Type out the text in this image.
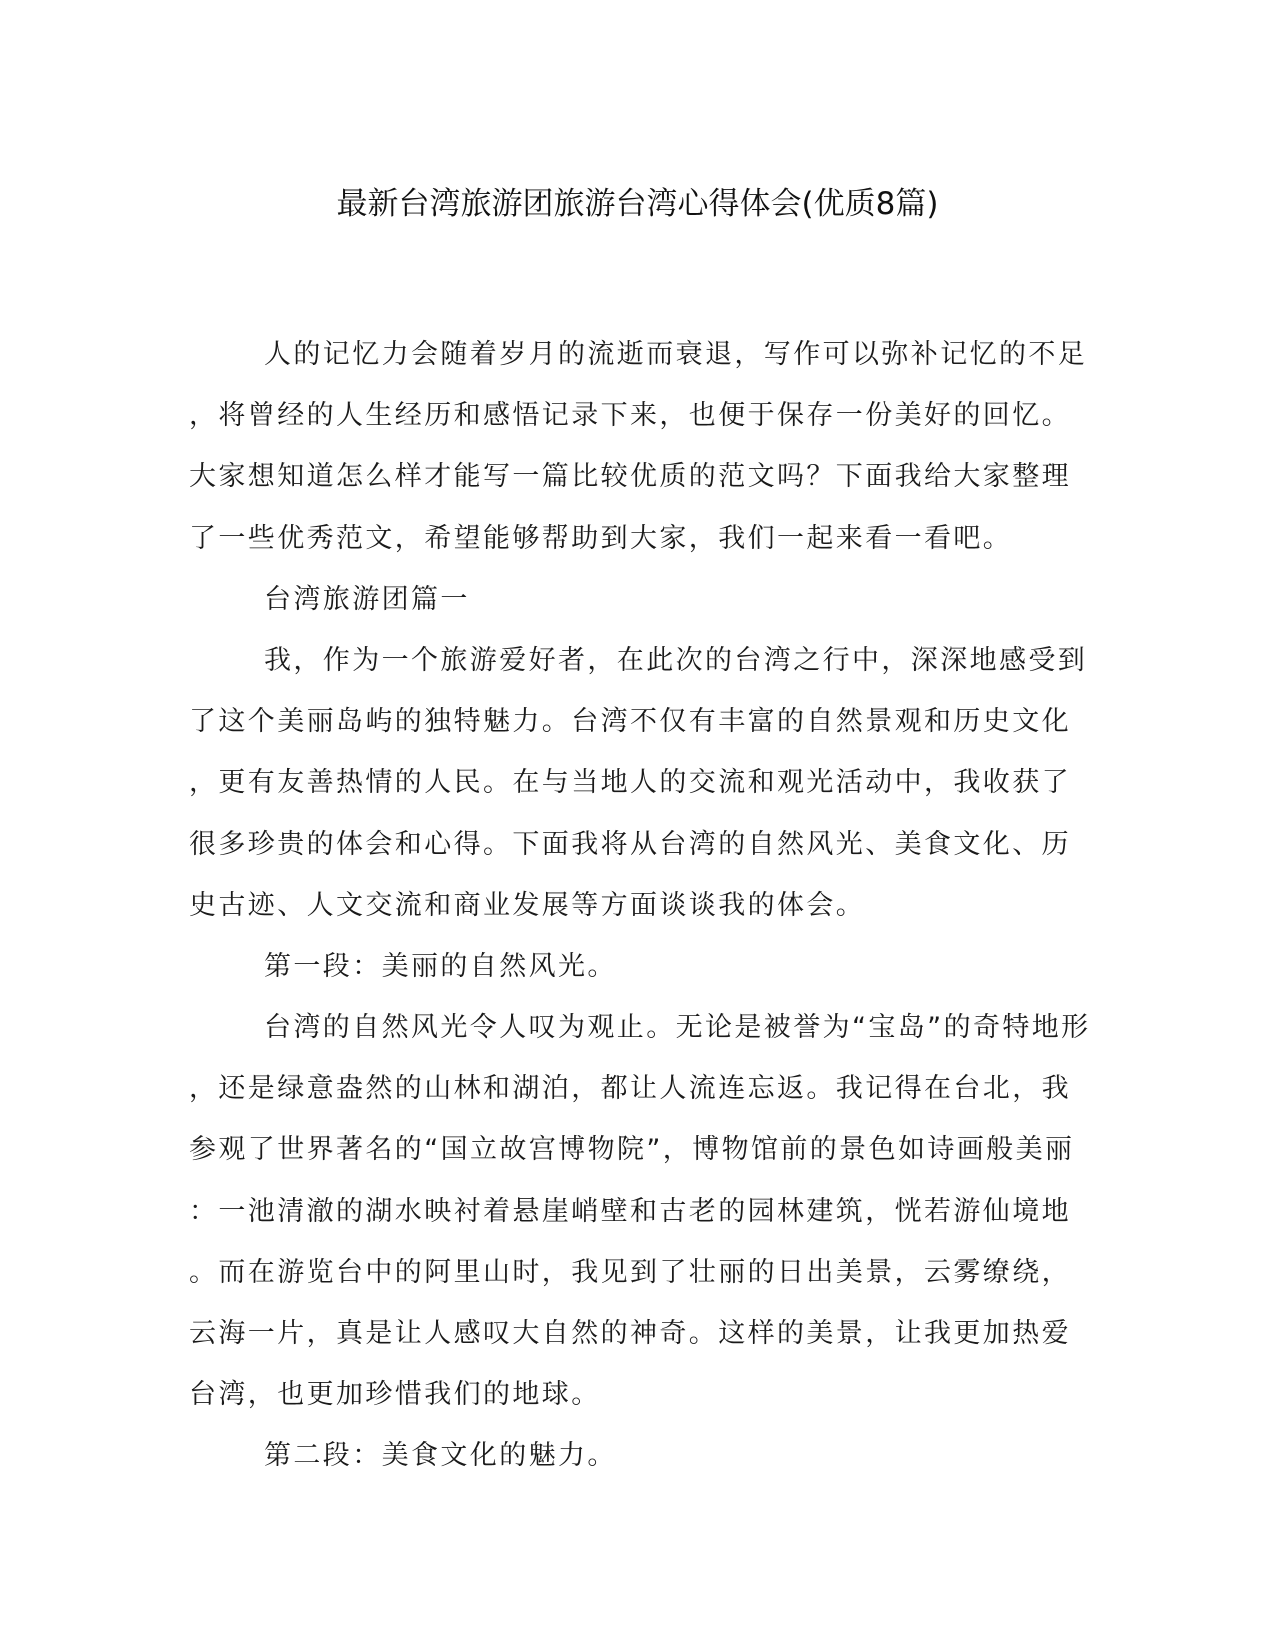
最新台湾旅游团旅游台湾心得体会(优质8篇)
人的记忆力会随着岁月的流逝而衰退，写作可以弥补记忆的不足
，将曾经的人生经历和感悟记录下来，也便于保存一份美好的回忆。
大家想知道怎么样才能写一篇比较优质的范文吗？下面我给大家整理
了一些优秀范文，希望能够帮助到大家，我们一起来看一看吧。
台湾旅游团篇一
我，作为一个旅游爱好者，在此次的台湾之行中，深深地感受到
了这个美丽岛屿的独特魅力。台湾不仅有丰富的自然景观和历史文化
，更有友善热情的人民。在与当地人的交流和观光活动中，我收获了
很多珍贵的体会和心得。下面我将从台湾的自然风光、美食文化、历
史古迹、人文交流和商业发展等方面谈谈我的体会。
第一段：美丽的自然风光。
台湾的自然风光令人叹为观止。无论是被誉为“宝岛”的奇特地形
，还是绿意盎然的山林和湖泊，都让人流连忘返。我记得在台北，我
参观了世界著名的“国立故宫博物院”，博物馆前的景色如诗画般美丽
：一池清澈的湖水映衬着悬崖峭壁和古老的园林建筑，恍若游仙境地
。而在游览台中的阿里山时，我见到了壮丽的日出美景，云雾缭绕，
云海一片，真是让人感叹大自然的神奇。这样的美景，让我更加热爱
台湾，也更加珍惜我们的地球。
第二段：美食文化的魅力。
